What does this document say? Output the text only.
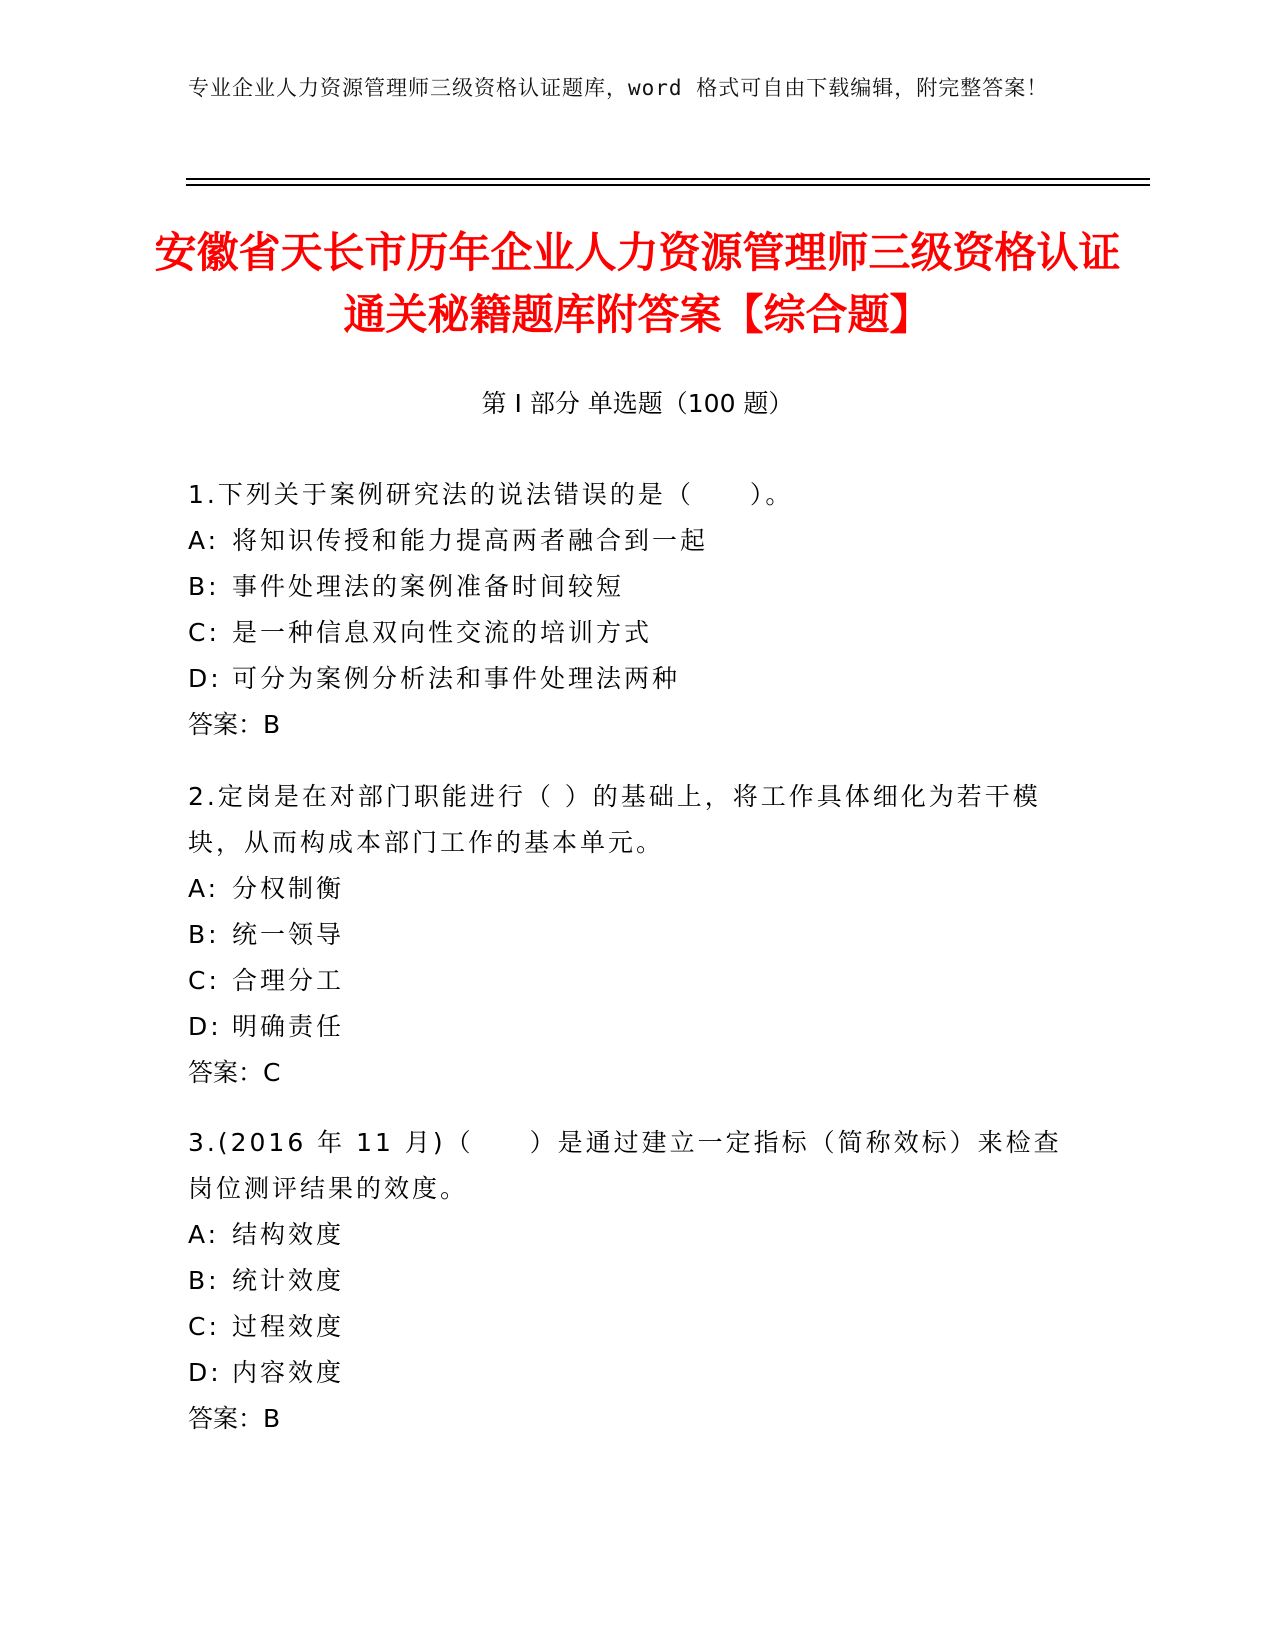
专业企业人力资源管理师三级资格认证题库，word 格式可自由下载编辑，附完整答案！
安徽省天长市历年企业人力资源管理师三级资格认证通关秘籍题库附答案【综合题】
第 I 部分 单选题（100 题）
1.下列关于案例研究法的说法错误的是（　　）。
A: 将知识传授和能力提高两者融合到一起
B: 事件处理法的案例准备时间较短
C: 是一种信息双向性交流的培训方式
D: 可分为案例分析法和事件处理法两种
答案：B
2.定岗是在对部门职能进行（ ）的基础上，将工作具体细化为若干模块，从而构成本部门工作的基本单元。
A: 分权制衡
B: 统一领导
C: 合理分工
D: 明确责任
答案：C
3.(2016 年 11 月)（　　）是通过建立一定指标（简称效标）来检查岗位测评结果的效度。
A: 结构效度
B: 统计效度
C: 过程效度
D: 内容效度
答案：B
